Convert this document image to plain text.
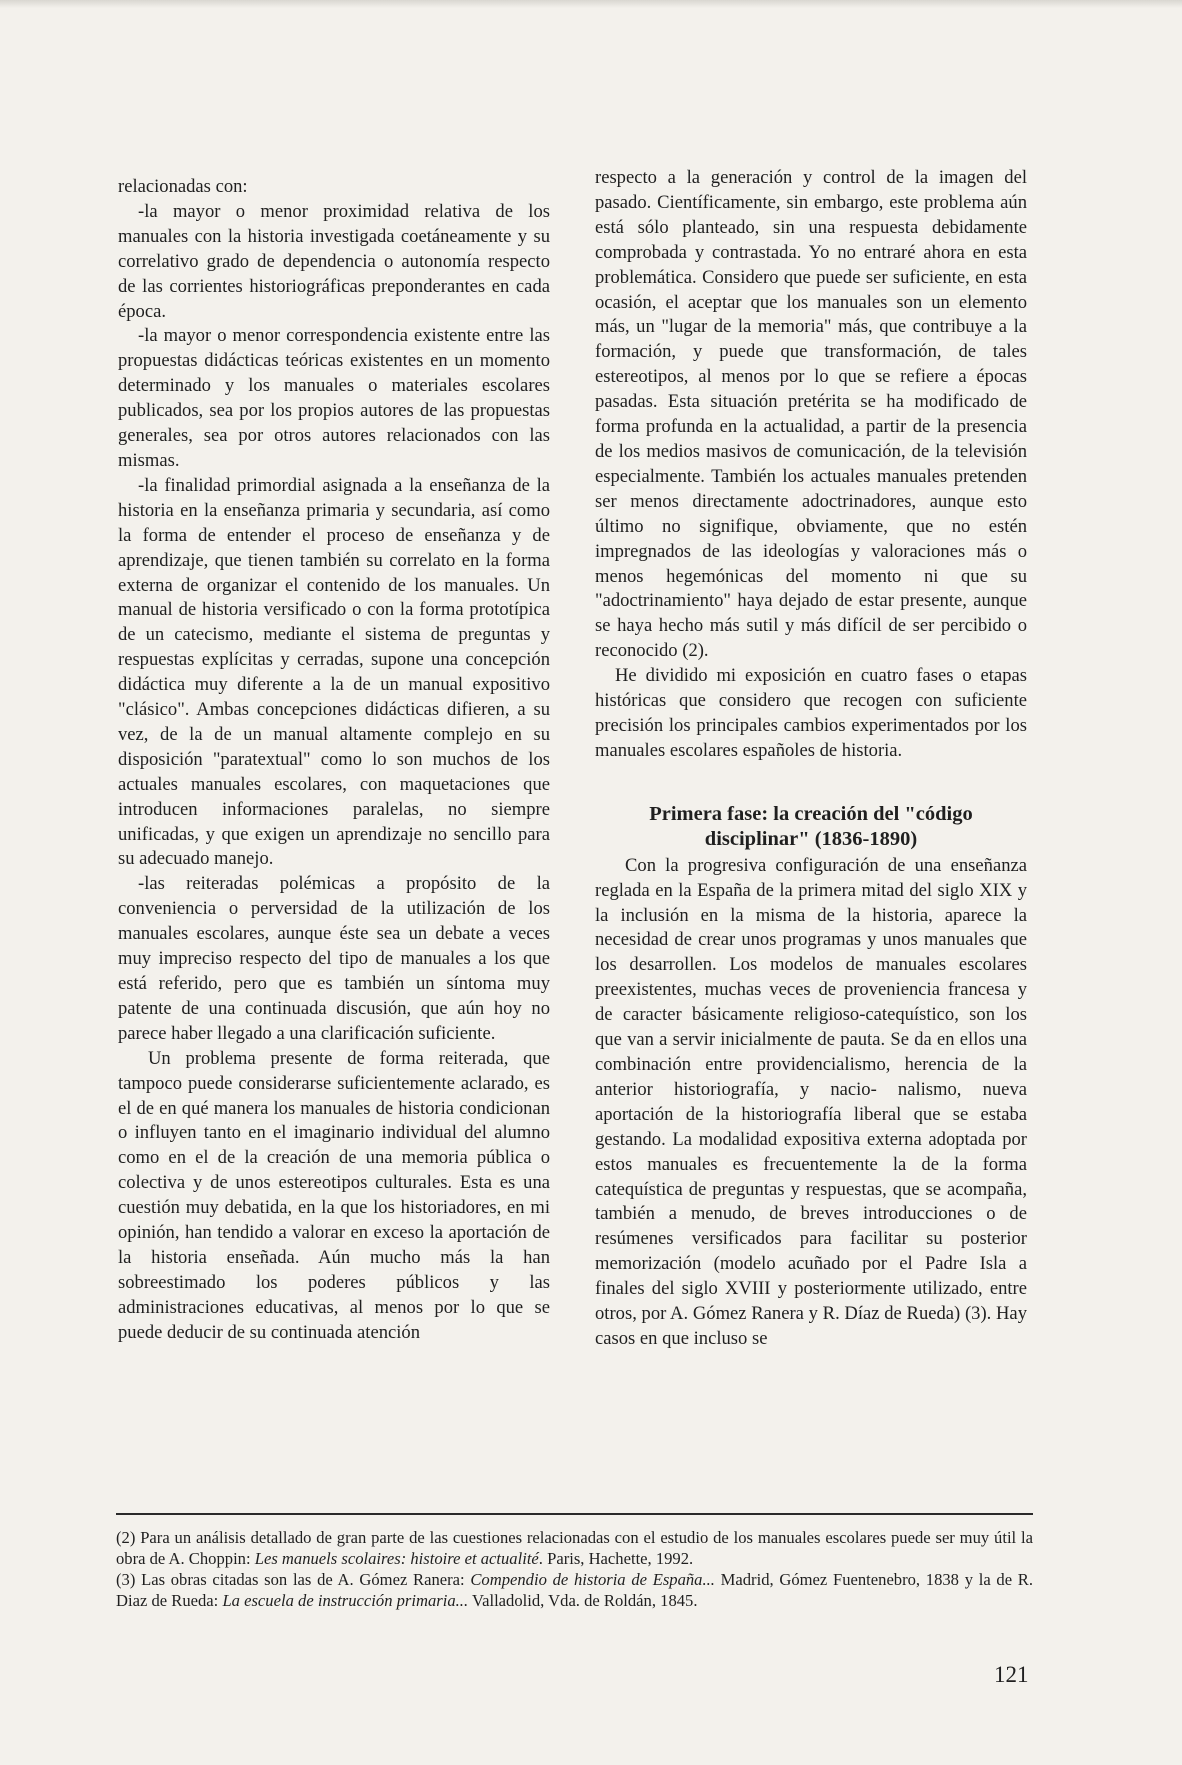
relacionadas con:

-la mayor o menor proximidad relativa de los manuales con la historia investigada coetáneamente y su correlativo grado de dependencia o autonomía respecto de las corrientes historiográficas preponderantes en cada época.

-la mayor o menor correspondencia existente entre las propuestas didácticas teóricas existentes en un momento determinado y los manuales o materiales escolares publicados, sea por los propios autores de las propuestas generales, sea por otros autores relacionados con las mismas.

-la finalidad primordial asignada a la enseñanza de la historia en la enseñanza primaria y secundaria, así como la forma de entender el proceso de enseñanza y de aprendizaje, que tienen también su correlato en la forma externa de organizar el contenido de los manuales. Un manual de historia versificado o con la forma prototípica de un catecismo, mediante el sistema de preguntas y respuestas explícitas y cerradas, supone una concepción didáctica muy diferente a la de un manual expositivo "clásico". Ambas concepciones didácticas difieren, a su vez, de la de un manual altamente complejo en su disposición "paratextual" como lo son muchos de los actuales manuales escolares, con maquetaciones que introducen informaciones paralelas, no siempre unificadas, y que exigen un aprendizaje no sencillo para su adecuado manejo.

-las reiteradas polémicas a propósito de la conveniencia o perversidad de la utilización de los manuales escolares, aunque éste sea un debate a veces muy impreciso respecto del tipo de manuales a los que está referido, pero que es también un síntoma muy patente de una continuada discusión, que aún hoy no parece haber llegado a una clarificación suficiente.

Un problema presente de forma reiterada, que tampoco puede considerarse suficientemente aclarado, es el de en qué manera los manuales de historia condicionan o influyen tanto en el imaginario individual del alumno como en el de la creación de una memoria pública o colectiva y de unos estereotipos culturales. Esta es una cuestión muy debatida, en la que los historiadores, en mi opinión, han tendido a valorar en exceso la aportación de la historia enseñada. Aún mucho más la han sobreestimado los poderes públicos y las administraciones educativas, al menos por lo que se puede deducir de su continuada atención

respecto a la generación y control de la imagen del pasado. Científicamente, sin embargo, este problema aún está sólo planteado, sin una respuesta debidamente comprobada y contrastada. Yo no entraré ahora en esta problemática. Considero que puede ser suficiente, en esta ocasión, el aceptar que los manuales son un elemento más, un "lugar de la memoria" más, que contribuye a la formación, y puede que transformación, de tales estereotipos, al menos por lo que se refiere a épocas pasadas. Esta situación pretérita se ha modificado de forma profunda en la actualidad, a partir de la presencia de los medios masivos de comunicación, de la televisión especialmente. También los actuales manuales pretenden ser menos directamente adoctrinadores, aunque esto último no signifique, obviamente, que no estén impregnados de las ideologías y valoraciones más o menos hegemónicas del momento ni que su "adoctrinamiento" haya dejado de estar presente, aunque se haya hecho más sutil y más difícil de ser percibido o reconocido (2).

He dividido mi exposición en cuatro fases o etapas históricas que considero que recogen con suficiente precisión los principales cambios experimentados por los manuales escolares españoles de historia.

Primera fase: la creación del "código
disciplinar" (1836-1890)

Con la progresiva configuración de una enseñanza reglada en la España de la primera mitad del siglo XIX y la inclusión en la misma de la historia, aparece la necesidad de crear unos programas y unos manuales que los desarrollen. Los modelos de manuales escolares preexistentes, muchas veces de proveniencia francesa y de caracter básicamente religioso-catequístico, son los que van a servir inicialmente de pauta. Se da en ellos una combinación entre providencialismo, herencia de la anterior historiografía, y nacio- nalismo, nueva aportación de la historiografía liberal que se estaba gestando. La modalidad expositiva externa adoptada por estos manuales es frecuentemente la de la forma catequística de preguntas y respuestas, que se acompaña, también a menudo, de breves introducciones o de resúmenes versificados para facilitar su posterior memorización (modelo acuñado por el Padre Isla a finales del siglo XVIII y posteriormente utilizado, entre otros, por A. Gómez Ranera y R. Díaz de Rueda) (3). Hay casos en que incluso se

(2) Para un análisis detallado de gran parte de las cuestiones relacionadas con el estudio de los manuales escolares puede ser muy útil la obra de A. Choppin: Les manuels scolaires: histoire et actualité. Paris, Hachette, 1992.

(3) Las obras citadas son las de A. Gómez Ranera: Compendio de historia de España... Madrid, Gómez Fuentenebro, 1838 y la de R. Diaz de Rueda: La escuela de instrucción primaria... Valladolid, Vda. de Roldán, 1845.

121
